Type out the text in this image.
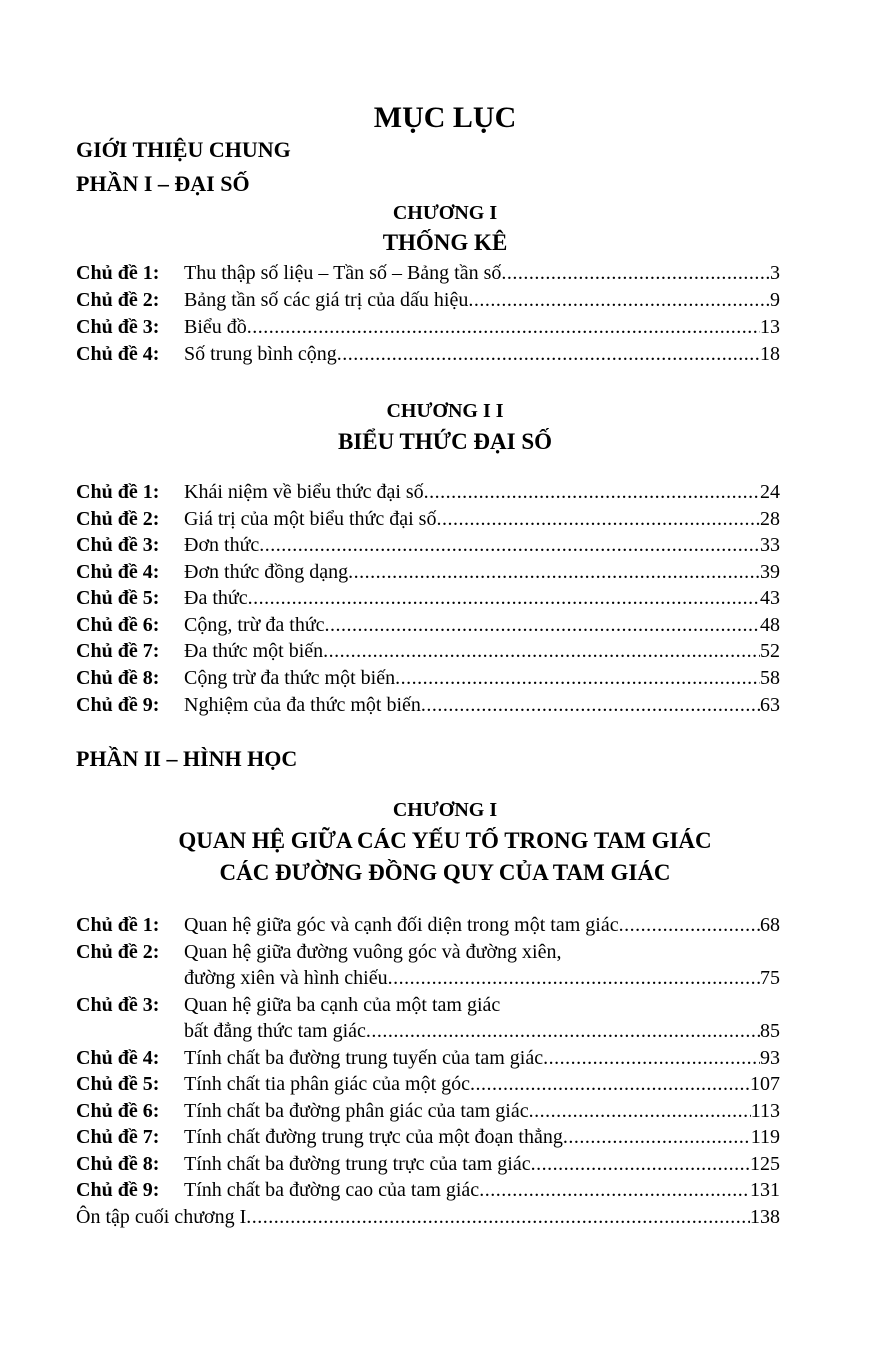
MỤC LỤC
GIỚI THIỆU CHUNG
PHẦN I – ĐẠI SỐ
CHƯƠNG I
THỐNG KÊ
Chủ đề 1:	Thu thập số liệu – Tần số – Bảng tần số .....	3
Chủ đề 2:	Bảng tần số các giá trị của dấu hiệu .....	9
Chủ đề 3:	Biểu đồ .....	13
Chủ đề 4:	Số trung bình cộng .....	18
CHƯƠNG I I
BIỂU THỨC ĐẠI SỐ
Chủ đề 1:	Khái niệm về biểu thức đại số .....	24
Chủ đề 2:	Giá trị của một biểu thức đại số .....	28
Chủ đề 3:	Đơn thức .....	33
Chủ đề 4:	Đơn thức đồng dạng .....	39
Chủ đề 5:	Đa thức .....	43
Chủ đề 6:	Cộng, trừ đa thức .....	48
Chủ đề 7:	Đa thức một biến .....	52
Chủ đề 8:	Cộng trừ đa thức một biến .....	58
Chủ đề 9:	Nghiệm của đa thức một biến .....	63
PHẦN II – HÌNH HỌC
CHƯƠNG I
QUAN HỆ GIỮA CÁC YẾU TỐ TRONG TAM GIÁC
CÁC ĐƯỜNG ĐỒNG QUY CỦA TAM GIÁC
Chủ đề 1:	Quan hệ giữa góc và cạnh đối diện trong một tam giác .....	68
Chủ đề 2:	Quan hệ giữa đường vuông góc và đường xiên,
đường xiên và hình chiếu .....	75
Chủ đề 3:	Quan hệ giữa ba cạnh của một tam giác
bất đẳng thức tam giác .....	85
Chủ đề 4:	Tính chất ba đường trung tuyến của tam giác .....	93
Chủ đề 5:	Tính chất tia phân giác của một góc .....	107
Chủ đề 6:	Tính chất ba đường phân giác của tam giác .....	113
Chủ đề 7:	Tính chất đường trung trực của một đoạn thẳng .....	119
Chủ đề 8:	Tính chất ba đường trung trực của tam giác .....	125
Chủ đề 9:	Tính chất ba đường cao của tam giác .....	131
Ôn tập cuối chương I .....	138
